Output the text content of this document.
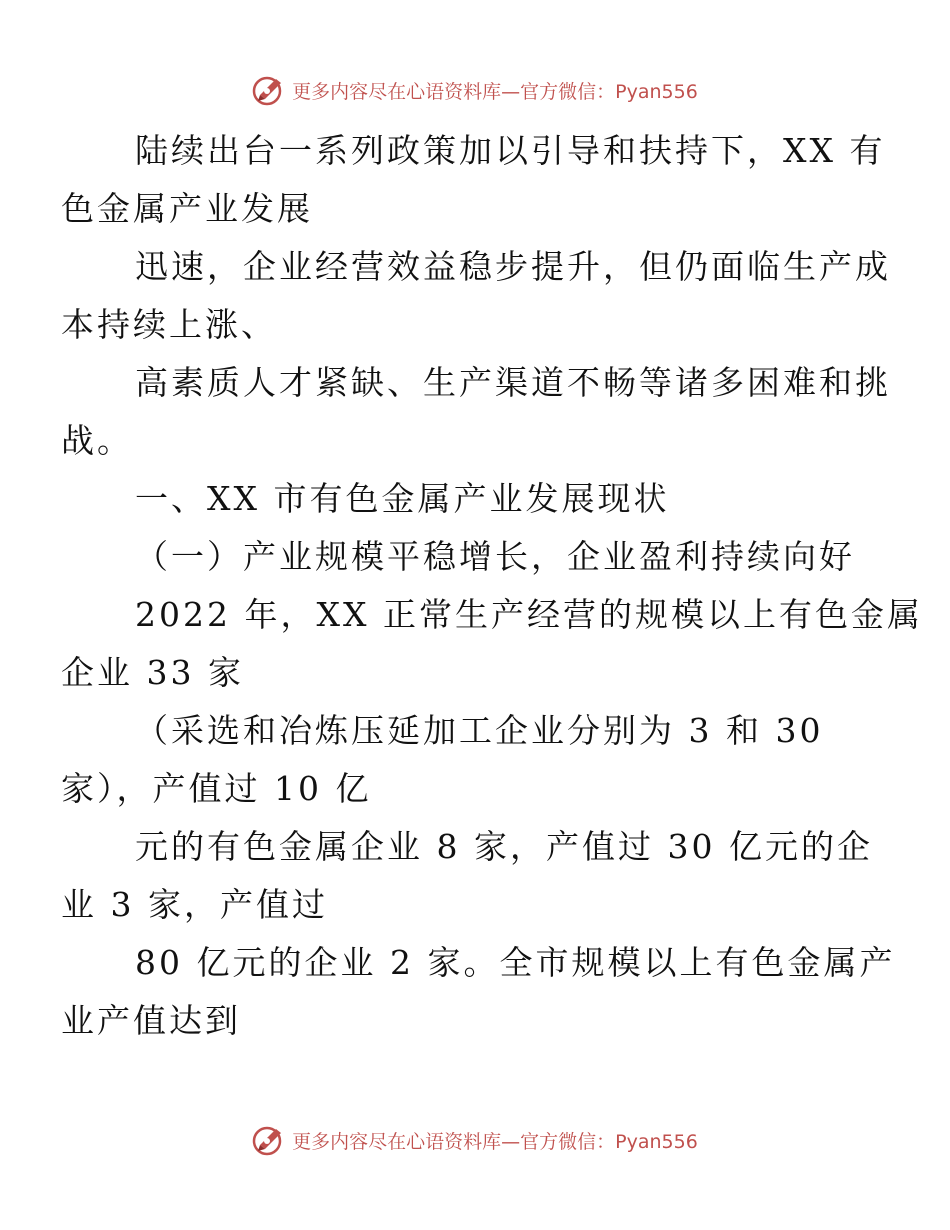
更多内容尽在心语资料库—官方微信：Pyan556

陆续出台一系列政策加以引导和扶持下，XX 有
色金属产业发展

迅速，企业经营效益稳步提升，但仍面临生产成
本持续上涨、

高素质人才紧缺、生产渠道不畅等诸多困难和挑
战。

一、XX 市有色金属产业发展现状

（一）产业规模平稳增长，企业盈利持续向好

2022 年，XX 正常生产经营的规模以上有色金属
企业 33 家

（采选和冶炼压延加工企业分别为 3 和 30
家），产值过 10 亿

元的有色金属企业 8 家，产值过 30 亿元的企
业 3 家，产值过

80 亿元的企业 2 家。全市规模以上有色金属产
业产值达到

更多内容尽在心语资料库—官方微信：Pyan556
